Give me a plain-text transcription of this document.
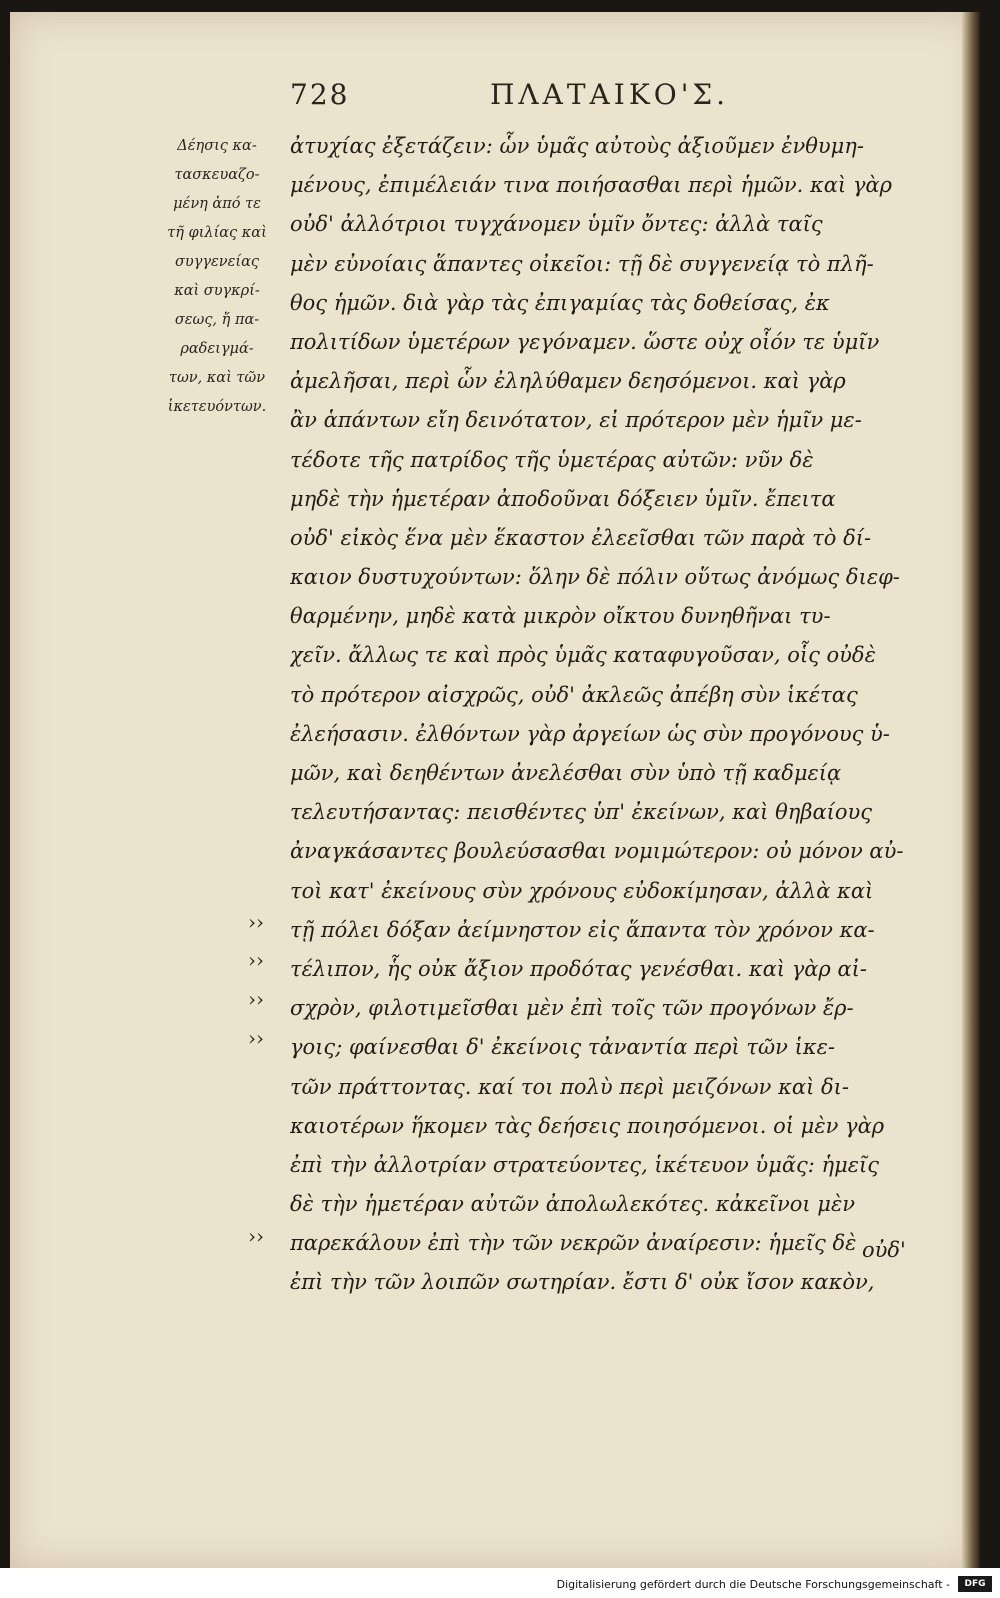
728	ΠΛΑΤΑΙΚΟ'Σ.
Δέησις κα-
τασκευαζο-
μένη ἀπό τε
τῆ φιλίας καὶ
συγγενείας
καὶ συγκρί-
σεως, ἤ πα-
ραδειγμά-
των, καὶ τῶν
ἱκετευόντων.
ἀτυχίας ἐξετάζειν: ὧν ὑμᾶς αὐτοὺς ἀξιοῦμεν ἐνθυμη-
μένους, ἐπιμέλειάν τινα ποιήσασθαι περὶ ἡμῶν. καὶ γὰρ
οὐδ' ἀλλότριοι τυγχάνομεν ὑμῖν ὄντες: ἀλλὰ ταῖς
μὲν εὐνοίαις ἅπαντες οἰκεῖοι: τῇ δὲ συγγενείᾳ τὸ πλῆ-
θος ἡμῶν. διὰ γὰρ τὰς ἐπιγαμίας τὰς δοθείσας, ἐκ
πολιτίδων ὑμετέρων γεγόναμεν. ὥστε οὐχ οἷόν τε ὑμῖν
ἀμελῆσαι, περὶ ὧν ἐληλύθαμεν δεησόμενοι. καὶ γὰρ
ἂν ἁπάντων εἴη δεινότατον, εἰ πρότερον μὲν ἡμῖν με-
τέδοτε τῆς πατρίδος τῆς ὑμετέρας αὐτῶν: νῦν δὲ
μηδὲ τὴν ἡμετέραν ἀποδοῦναι δόξειεν ὑμῖν. ἔπειτα
οὐδ' εἰκὸς ἕνα μὲν ἕκαστον ἐλεεῖσθαι τῶν παρὰ τὸ δί-
καιον δυστυχούντων: ὅλην δὲ πόλιν οὕτως ἀνόμως διεφ-
θαρμένην, μηδὲ κατὰ μικρὸν οἴκτου δυνηθῆναι τυ-
χεῖν. ἄλλως τε καὶ πρὸς ὑμᾶς καταφυγοῦσαν, οἷς οὐδὲ
τὸ πρότερον αἰσχρῶς, οὐδ' ἀκλεῶς ἀπέβη σὺν ἱκέτας
ἐλεήσασιν. ἐλθόντων γὰρ ἀργείων ὡς σὺν προγόνους ὑ-
μῶν, καὶ δεηθέντων ἀνελέσθαι σὺν ὑπὸ τῇ καδμείᾳ
τελευτήσαντας: πεισθέντες ὑπ' ἐκείνων, καὶ θηβαίους
ἀναγκάσαντες βουλεύσασθαι νομιμώτερον: οὐ μόνον αὐ-
τοὶ κατ' ἐκείνους σὺν χρόνους εὐδοκίμησαν, ἀλλὰ καὶ
τῇ πόλει δόξαν ἀείμνηστον εἰς ἅπαντα τὸν χρόνον κα-
τέλιπον, ἧς οὐκ ἄξιον προδότας γενέσθαι. καὶ γὰρ αἰ-
σχρὸν, φιλοτιμεῖσθαι μὲν ἐπὶ τοῖς τῶν προγόνων ἔρ-
γοις; φαίνεσθαι δ' ἐκείνοις τἀναντία περὶ τῶν ἱκε-
τῶν πράττοντας. καί τοι πολὺ περὶ μειζόνων καὶ δι-
καιοτέρων ἥκομεν τὰς δεήσεις ποιησόμενοι. οἱ μὲν γὰρ
ἐπὶ τὴν ἀλλοτρίαν στρατεύοντες, ἱκέτευον ὑμᾶς: ἡμεῖς
δὲ τὴν ἡμετέραν αὐτῶν ἀπολωλεκότες. κἀκεῖνοι μὲν
παρεκάλουν ἐπὶ τὴν τῶν νεκρῶν ἀναίρεσιν: ἡμεῖς δὲ
ἐπὶ τὴν τῶν λοιπῶν σωτηρίαν. ἔστι δ' οὐκ ἴσον κακὸν,
››
››
››
››
››
οὐδ'
Digitalisierung gefördert durch die Deutsche Forschungsgemeinschaft -	DFG
